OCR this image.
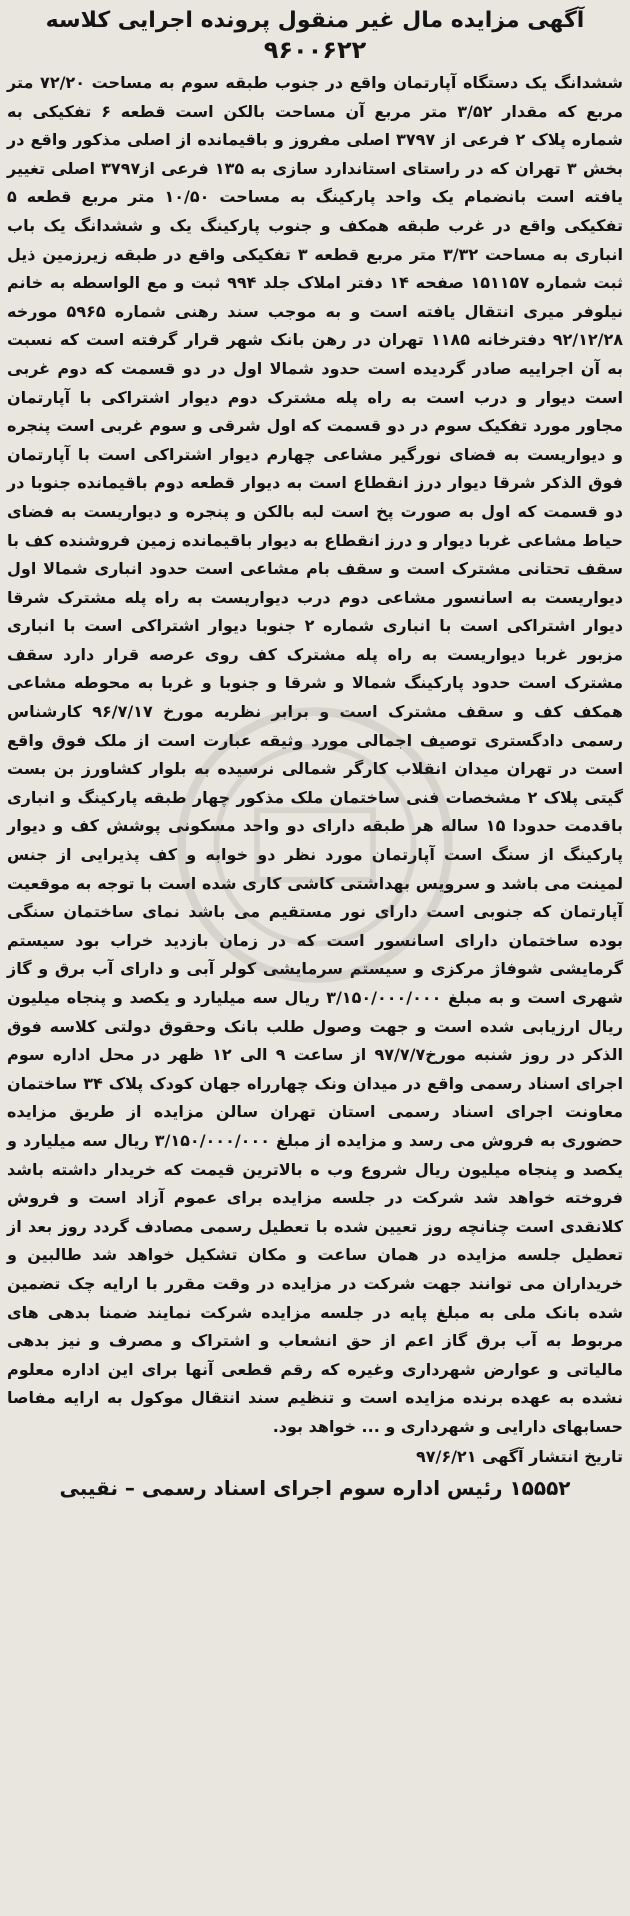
آگهی مزایده مال غیر منقول پرونده اجرایی کلاسه
۹۶۰۰۶۲۲

ششدانگ یک دستگاه آپارتمان واقع در جنوب طبقه سوم به مساحت ۷۲/۲۰ متر مربع که مقدار ۳/۵۲ متر مربع آن مساحت بالکن است قطعه ۶ تفکیکی به شماره پلاک ۲ فرعی از ۳۷۹۷ اصلی مفروز و باقیمانده از اصلی مذکور واقع در بخش ۳ تهران که در راستای استاندارد سازی به ۱۳۵ فرعی از۳۷۹۷ اصلی تغییر یافته است بانضمام یک واحد پارکینگ به مساحت ۱۰/۵۰ متر مربع قطعه ۵ تفکیکی واقع در غرب طبقه همکف و جنوب پارکینگ یک و ششدانگ یک باب انباری به مساحت ۳/۳۲ متر مربع قطعه ۳ تفکیکی واقع در طبقه زیرزمین ذیل ثبت شماره ۱۵۱۱۵۷ صفحه ۱۴ دفتر املاک جلد ۹۹۴ ثبت و مع الواسطه به خانم نیلوفر میری انتقال یافته است و به موجب سند رهنی شماره ۵۹۶۵ مورخه ۹۲/۱۲/۲۸ دفترخانه ۱۱۸۵ تهران در رهن بانک شهر قرار گرفته است که نسبت به آن اجراییه صادر گردیده است حدود شمالا اول در دو قسمت که دوم غربی است دیوار و درب است به راه پله مشترک دوم دیوار اشتراکی با آپارتمان مجاور مورد تفکیک سوم در دو قسمت که اول شرقی و سوم غربی است پنجره و دیواریست به فضای نورگیر مشاعی چهارم دیوار اشتراکی است با آپارتمان فوق الذکر شرقا دیوار درز انقطاع است به دیوار قطعه دوم باقیمانده جنوبا در دو قسمت که اول به صورت پخ است لبه بالکن و پنجره و دیواریست به فضای حیاط مشاعی غربا دیوار و درز انقطاع به دیوار باقیمانده زمین فروشنده کف با سقف تحتانی مشترک است و سقف بام مشاعی است حدود انباری شمالا اول دیواریست به اسانسور مشاعی دوم درب دیواریست به راه پله مشترک شرقا دیوار اشتراکی است با انباری شماره ۲ جنوبا دیوار اشتراکی است با انباری مزبور غربا دیواریست به راه پله مشترک کف روی عرصه قرار دارد سقف مشترک است حدود پارکینگ شمالا و شرقا و جنوبا و غربا به محوطه مشاعی همکف کف و سقف مشترک است و برابر نظریه مورخ ۹۶/۷/۱۷ کارشناس رسمی دادگستری توصیف اجمالی مورد وثیقه عبارت است از ملک فوق واقع است در تهران میدان انقلاب کارگر شمالی نرسیده به بلوار کشاورز بن بست گیتی پلاک ۲ مشخصات فنی ساختمان ملک مذکور چهار طبقه پارکینگ و انباری باقدمت حدودا ۱۵ ساله هر طبقه دارای دو واحد مسکونی پوشش کف و دیوار پارکینگ از سنگ است آپارتمان مورد نظر دو خوابه و کف پذیرایی از جنس لمینت می باشد و سرویس بهداشتی کاشی کاری شده است با توجه به موقعیت آپارتمان که جنوبی است دارای نور مستقیم می باشد نمای ساختمان سنگی بوده ساختمان دارای اسانسور است که در زمان بازدید خراب بود سیستم گرمایشی شوفاژ مرکزی و سیستم سرمایشی کولر آبی و دارای آب برق و گاز شهری است و به مبلغ ۳/۱۵۰/۰۰۰/۰۰۰ ریال سه میلیارد و یکصد و پنجاه میلیون ریال ارزیابی شده است و جهت وصول طلب بانک وحقوق دولتی کلاسه فوق الذکر در روز شنبه مورخ۹۷/۷/۷ از ساعت ۹ الی ۱۲ ظهر در محل اداره سوم اجرای اسناد رسمی واقع در میدان ونک چهارراه جهان کودک پلاک ۳۴ ساختمان معاونت اجرای اسناد رسمی استان تهران سالن مزایده از طریق مزایده حضوری به فروش می رسد و مزایده از مبلغ ۳/۱۵۰/۰۰۰/۰۰۰ ریال سه میلیارد و یکصد و پنجاه میلیون ریال شروع وب ه بالاترین قیمت که خریدار داشته باشد فروخته خواهد شد شرکت در جلسه مزایده برای عموم آزاد است و فروش کلانقدی است چنانچه روز تعیین شده با تعطیل رسمی مصادف گردد روز بعد از تعطیل جلسه مزایده در همان ساعت و مکان تشکیل خواهد شد طالبین و خریداران می توانند جهت شرکت در مزایده در وقت مقرر با ارایه چک تضمین شده بانک ملی به مبلغ پایه در جلسه مزایده شرکت نمایند ضمنا بدهی های مربوط به آب برق گاز اعم از حق انشعاب و اشتراک و مصرف و نیز بدهی مالیاتی و عوارض شهرداری وغیره که رقم قطعی آنها برای این اداره معلوم نشده به عهده برنده مزایده است و تنظیم سند انتقال موکول به ارایه مفاصا حسابهای دارایی و شهرداری و ... خواهد بود.

تاریخ انتشار آگهی ۹۷/۶/۲۱
۱۵۵۵۲ رئیس اداره سوم اجرای اسناد رسمی – نقیبی
